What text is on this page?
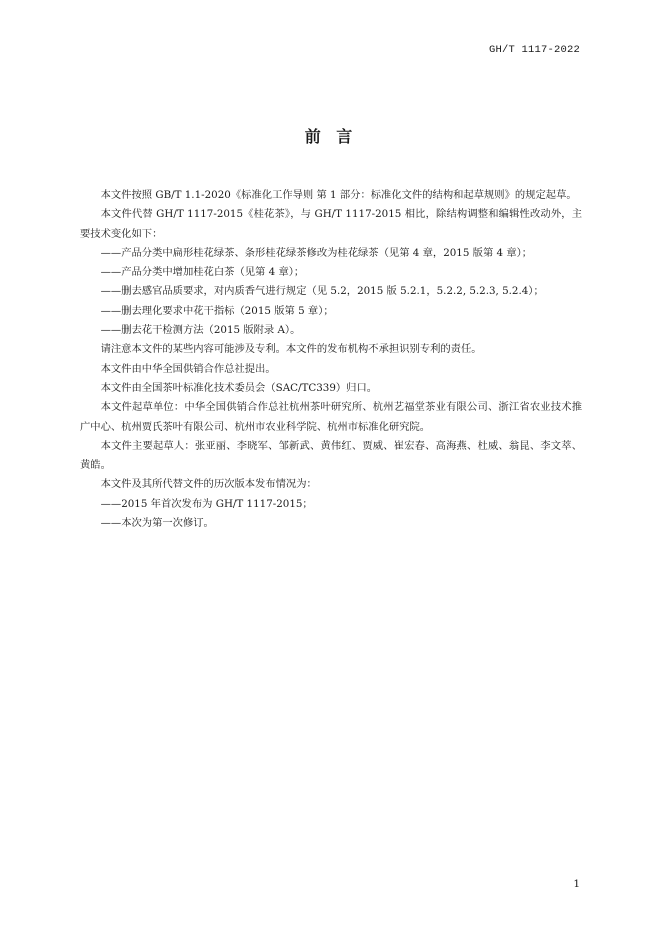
GH/T 1117-2022
前 言

本文件按照 GB/T 1.1-2020《标准化工作导则 第 1 部分：标准化文件的结构和起草规则》的规定起草。

本文件代替 GH/T 1117-2015《桂花茶》，与 GH/T 1117-2015 相比，除结构调整和编辑性改动外，主要技术变化如下：

——产品分类中扁形桂花绿茶、条形桂花绿茶修改为桂花绿茶（见第 4 章，2015 版第 4 章）；

——产品分类中增加桂花白茶（见第 4 章）；

——删去感官品质要求，对内质香气进行规定（见 5.2，2015 版 5.2.1，5.2.2, 5.2.3, 5.2.4）；

——删去理化要求中花干指标（2015 版第 5 章）；

——删去花干检测方法（2015 版附录 A）。

请注意本文件的某些内容可能涉及专利。本文件的发布机构不承担识别专利的责任。

本文件由中华全国供销合作总社提出。

本文件由全国茶叶标准化技术委员会（SAC/TC339）归口。

本文件起草单位：中华全国供销合作总社杭州茶叶研究所、杭州艺福堂茶业有限公司、浙江省农业技术推广中心、杭州贾氏茶叶有限公司、杭州市农业科学院、杭州市标准化研究院。

本文件主要起草人：张亚丽、李晓军、邹新武、黄伟红、贾威、崔宏春、高海燕、杜威、翁昆、李文萃、黄皓。

本文件及其所代替文件的历次版本发布情况为：

——2015 年首次发布为 GH/T 1117-2015；

——本次为第一次修订。

1
